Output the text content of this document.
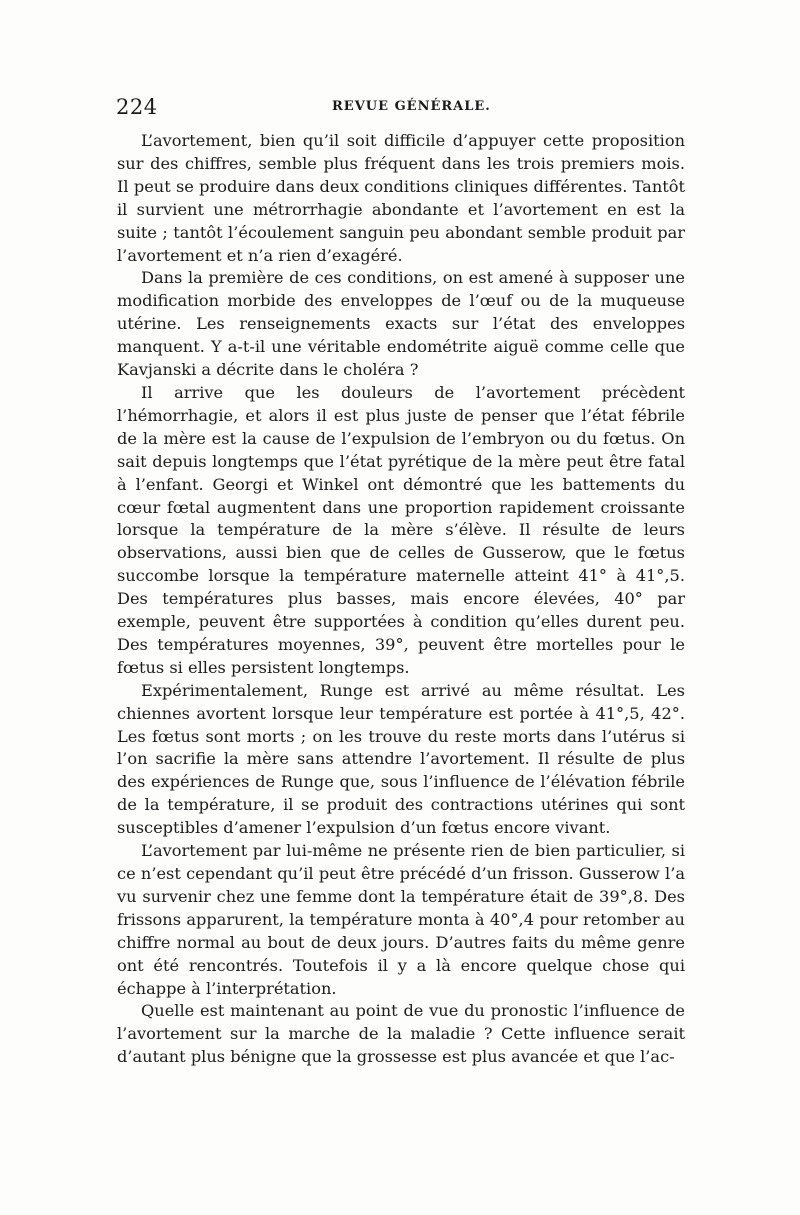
224	REVUE GÉNÉRALE.

L’avortement, bien qu’il soit difficile d’appuyer cette proposition sur des chiffres, semble plus fréquent dans les trois premiers mois. Il peut se produire dans deux conditions cliniques différentes. Tantôt il survient une métrorrhagie abondante et l’avortement en est la suite ; tantôt l’écoulement sanguin peu abondant semble produit par l’avortement et n’a rien d’exagéré.

Dans la première de ces conditions, on est amené à supposer une modification morbide des enveloppes de l’œuf ou de la muqueuse utérine. Les renseignements exacts sur l’état des enveloppes manquent. Y a-t-il une véritable endométrite aiguë comme celle que Kavjanski a décrite dans le choléra ?

Il arrive que les douleurs de l’avortement précèdent l’hémorrhagie, et alors il est plus juste de penser que l’état fébrile de la mère est la cause de l’expulsion de l’embryon ou du fœtus. On sait depuis longtemps que l’état pyrétique de la mère peut être fatal à l’enfant. Georgi et Winkel ont démontré que les battements du cœur fœtal augmentent dans une proportion rapidement croissante lorsque la température de la mère s’élève. Il résulte de leurs observations, aussi bien que de celles de Gusserow, que le fœtus succombe lorsque la température maternelle atteint 41° à 41°,5. Des températures plus basses, mais encore élevées, 40° par exemple, peuvent être supportées à condition qu’elles durent peu. Des températures moyennes, 39°, peuvent être mortelles pour le fœtus si elles persistent longtemps.

Expérimentalement, Runge est arrivé au même résultat. Les chiennes avortent lorsque leur température est portée à 41°,5, 42°. Les fœtus sont morts ; on les trouve du reste morts dans l’utérus si l’on sacrifie la mère sans attendre l’avortement. Il résulte de plus des expériences de Runge que, sous l’influence de l’élévation fébrile de la température, il se produit des contractions utérines qui sont susceptibles d’amener l’expulsion d’un fœtus encore vivant.

L’avortement par lui-même ne présente rien de bien particulier, si ce n’est cependant qu’il peut être précédé d’un frisson. Gusserow l’a vu survenir chez une femme dont la température était de 39°,8. Des frissons apparurent, la température monta à 40°,4 pour retomber au chiffre normal au bout de deux jours. D’autres faits du même genre ont été rencontrés. Toutefois il y a là encore quelque chose qui échappe à l’interprétation.

Quelle est maintenant au point de vue du pronostic l’influence de l’avortement sur la marche de la maladie ? Cette influence serait d’autant plus bénigne que la grossesse est plus avancée et que l’ac-
